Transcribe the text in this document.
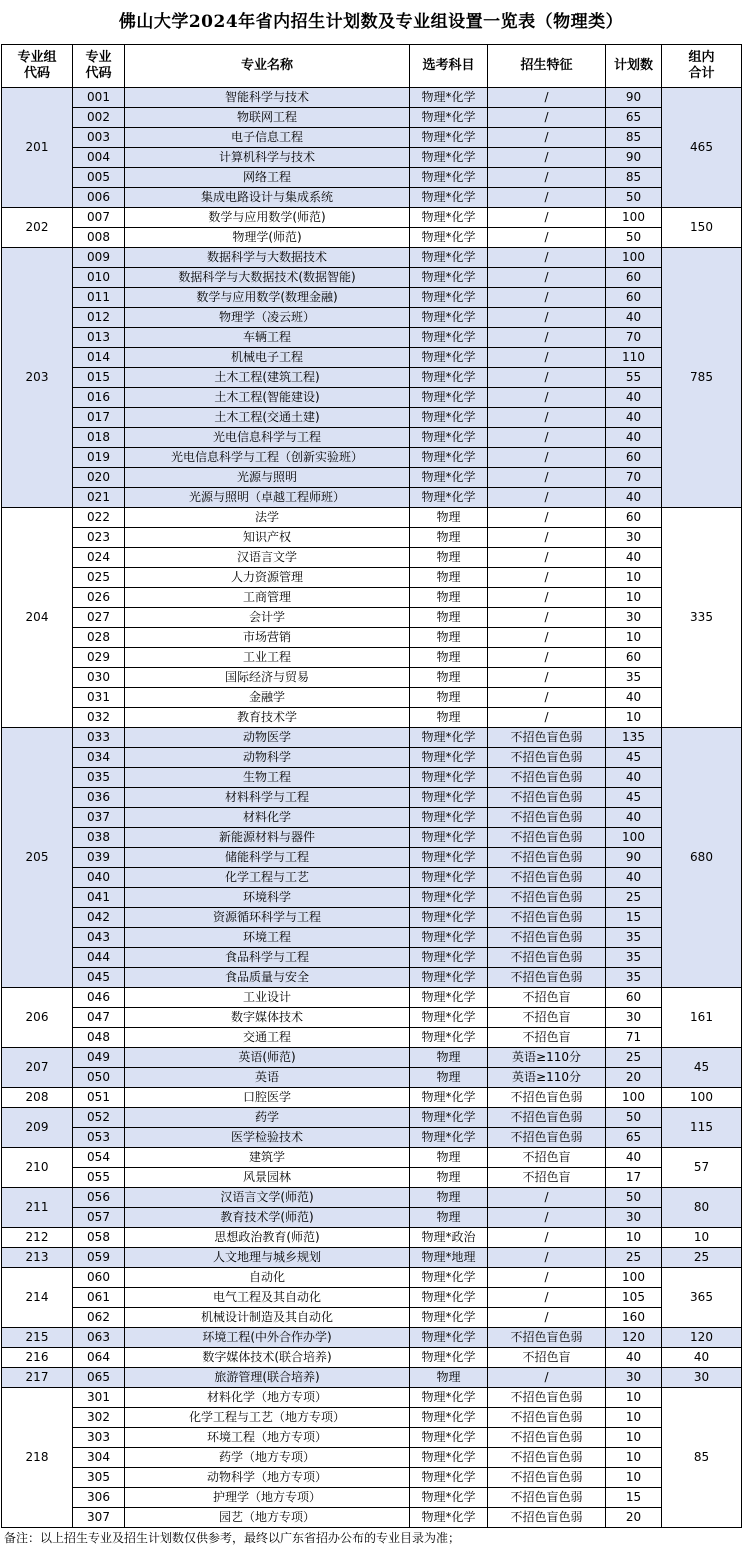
佛山大学2024年省内招生计划数及专业组设置一览表（物理类）
专业组
代码	专业
代码	专业名称	选考科目	招生特征	计划数	组内
合计
201	001	智能科学与技术	物理*化学	/	90	465
	002	物联网工程	物理*化学	/	65	
	003	电子信息工程	物理*化学	/	85	
	004	计算机科学与技术	物理*化学	/	90	
	005	网络工程	物理*化学	/	85	
	006	集成电路设计与集成系统	物理*化学	/	50	
202	007	数学与应用数学(师范)	物理*化学	/	100	150
	008	物理学(师范)	物理*化学	/	50	
203	009	数据科学与大数据技术	物理*化学	/	100	785
	010	数据科学与大数据技术(数据智能)	物理*化学	/	60	
	011	数学与应用数学(数理金融)	物理*化学	/	60	
	012	物理学（凌云班）	物理*化学	/	40	
	013	车辆工程	物理*化学	/	70	
	014	机械电子工程	物理*化学	/	110	
	015	土木工程(建筑工程)	物理*化学	/	55	
	016	土木工程(智能建设)	物理*化学	/	40	
	017	土木工程(交通土建)	物理*化学	/	40	
	018	光电信息科学与工程	物理*化学	/	40	
	019	光电信息科学与工程（创新实验班）	物理*化学	/	60	
	020	光源与照明	物理*化学	/	70	
	021	光源与照明（卓越工程师班）	物理*化学	/	40	
204	022	法学	物理	/	60	335
	023	知识产权	物理	/	30	
	024	汉语言文学	物理	/	40	
	025	人力资源管理	物理	/	10	
	026	工商管理	物理	/	10	
	027	会计学	物理	/	30	
	028	市场营销	物理	/	10	
	029	工业工程	物理	/	60	
	030	国际经济与贸易	物理	/	35	
	031	金融学	物理	/	40	
	032	教育技术学	物理	/	10	
205	033	动物医学	物理*化学	不招色盲色弱	135	680
	034	动物科学	物理*化学	不招色盲色弱	45	
	035	生物工程	物理*化学	不招色盲色弱	40	
	036	材料科学与工程	物理*化学	不招色盲色弱	45	
	037	材料化学	物理*化学	不招色盲色弱	40	
	038	新能源材料与器件	物理*化学	不招色盲色弱	100	
	039	储能科学与工程	物理*化学	不招色盲色弱	90	
	040	化学工程与工艺	物理*化学	不招色盲色弱	40	
	041	环境科学	物理*化学	不招色盲色弱	25	
	042	资源循环科学与工程	物理*化学	不招色盲色弱	15	
	043	环境工程	物理*化学	不招色盲色弱	35	
	044	食品科学与工程	物理*化学	不招色盲色弱	35	
	045	食品质量与安全	物理*化学	不招色盲色弱	35	
206	046	工业设计	物理*化学	不招色盲	60	161
	047	数字媒体技术	物理*化学	不招色盲	30	
	048	交通工程	物理*化学	不招色盲	71	
207	049	英语(师范)	物理	英语≥110分	25	45
	050	英语	物理	英语≥110分	20	
208	051	口腔医学	物理*化学	不招色盲色弱	100	100
209	052	药学	物理*化学	不招色盲色弱	50	115
	053	医学检验技术	物理*化学	不招色盲色弱	65	
210	054	建筑学	物理	不招色盲	40	57
	055	风景园林	物理	不招色盲	17	
211	056	汉语言文学(师范)	物理	/	50	80
	057	教育技术学(师范)	物理	/	30	
212	058	思想政治教育(师范)	物理*政治	/	10	10
213	059	人文地理与城乡规划	物理*地理	/	25	25
214	060	自动化	物理*化学	/	100	365
	061	电气工程及其自动化	物理*化学	/	105	
	062	机械设计制造及其自动化	物理*化学	/	160	
215	063	环境工程(中外合作办学)	物理*化学	不招色盲色弱	120	120
216	064	数字媒体技术(联合培养)	物理*化学	不招色盲	40	40
217	065	旅游管理(联合培养)	物理	/	30	30
218	301	材料化学（地方专项）	物理*化学	不招色盲色弱	10	85
	302	化学工程与工艺（地方专项）	物理*化学	不招色盲色弱	10	
	303	环境工程（地方专项）	物理*化学	不招色盲色弱	10	
	304	药学（地方专项）	物理*化学	不招色盲色弱	10	
	305	动物科学（地方专项）	物理*化学	不招色盲色弱	10	
	306	护理学（地方专项）	物理*化学	不招色盲色弱	15	
	307	园艺（地方专项）	物理*化学	不招色盲色弱	20	
备注：以上招生专业及招生计划数仅供参考，最终以广东省招办公布的专业目录为准；
